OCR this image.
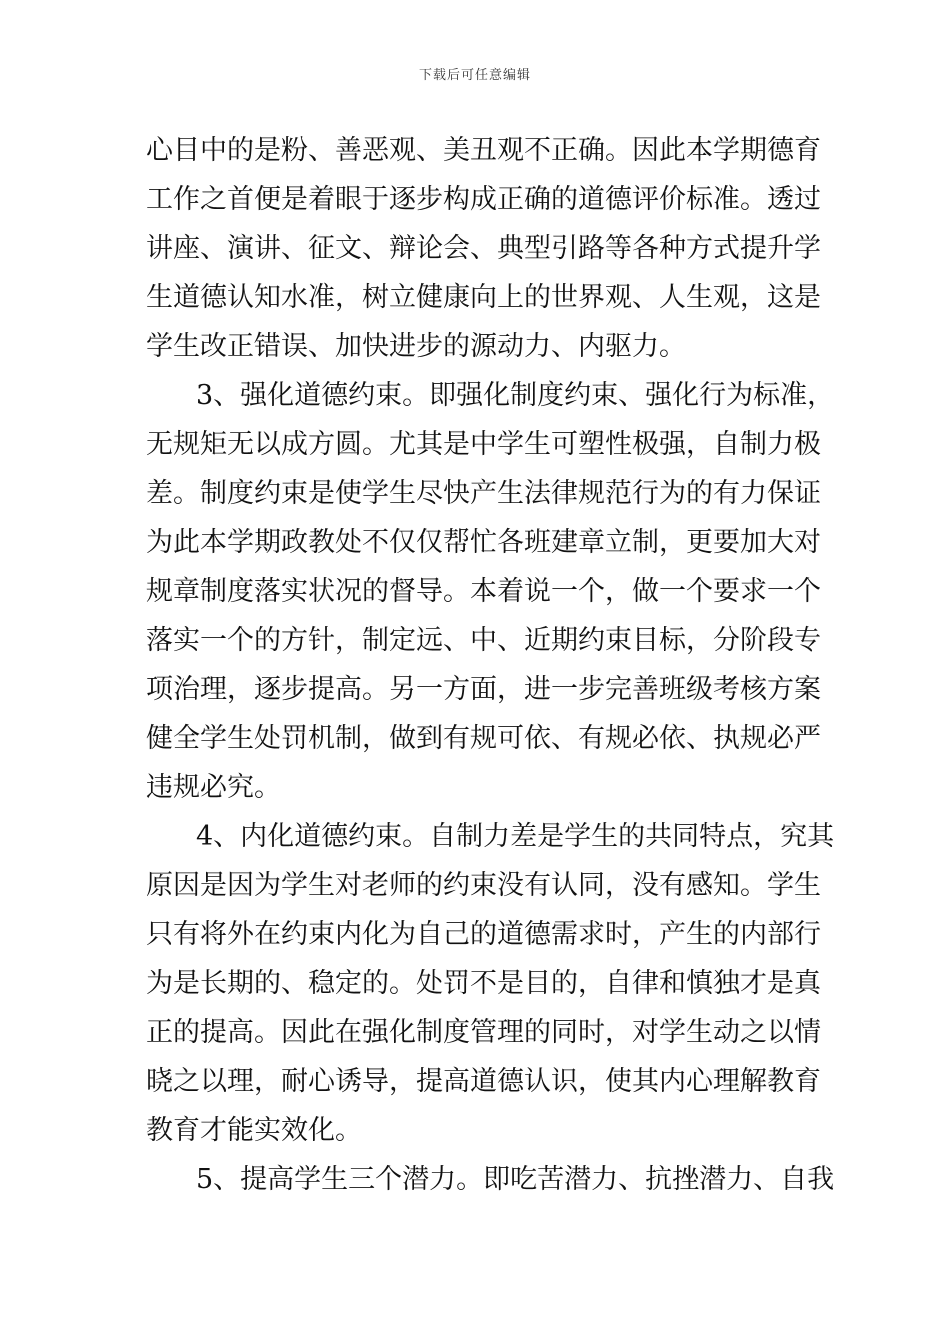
下载后可任意编辑
心目中的是粉、善恶观、美丑观不正确。因此本学期德育
工作之首便是着眼于逐步构成正确的道德评价标准。透过
讲座、演讲、征文、辩论会、典型引路等各种方式提升学
生道德认知水准，树立健康向上的世界观、人生观，这是
学生改正错误、加快进步的源动力、内驱力。
3、强化道德约束。即强化制度约束、强化行为标准，
无规矩无以成方圆。尤其是中学生可塑性极强，自制力极
差。制度约束是使学生尽快产生法律规范行为的有力保证
为此本学期政教处不仅仅帮忙各班建章立制，更要加大对
规章制度落实状况的督导。本着说一个，做一个要求一个
落实一个的方针，制定远、中、近期约束目标，分阶段专
项治理，逐步提高。另一方面，进一步完善班级考核方案
健全学生处罚机制，做到有规可依、有规必依、执规必严
违规必究。
4、内化道德约束。自制力差是学生的共同特点，究其
原因是因为学生对老师的约束没有认同，没有感知。学生
只有将外在约束内化为自己的道德需求时，产生的内部行
为是长期的、稳定的。处罚不是目的，自律和慎独才是真
正的提高。因此在强化制度管理的同时，对学生动之以情
晓之以理，耐心诱导，提高道德认识，使其内心理解教育
教育才能实效化。
5、提高学生三个潜力。即吃苦潜力、抗挫潜力、自我
